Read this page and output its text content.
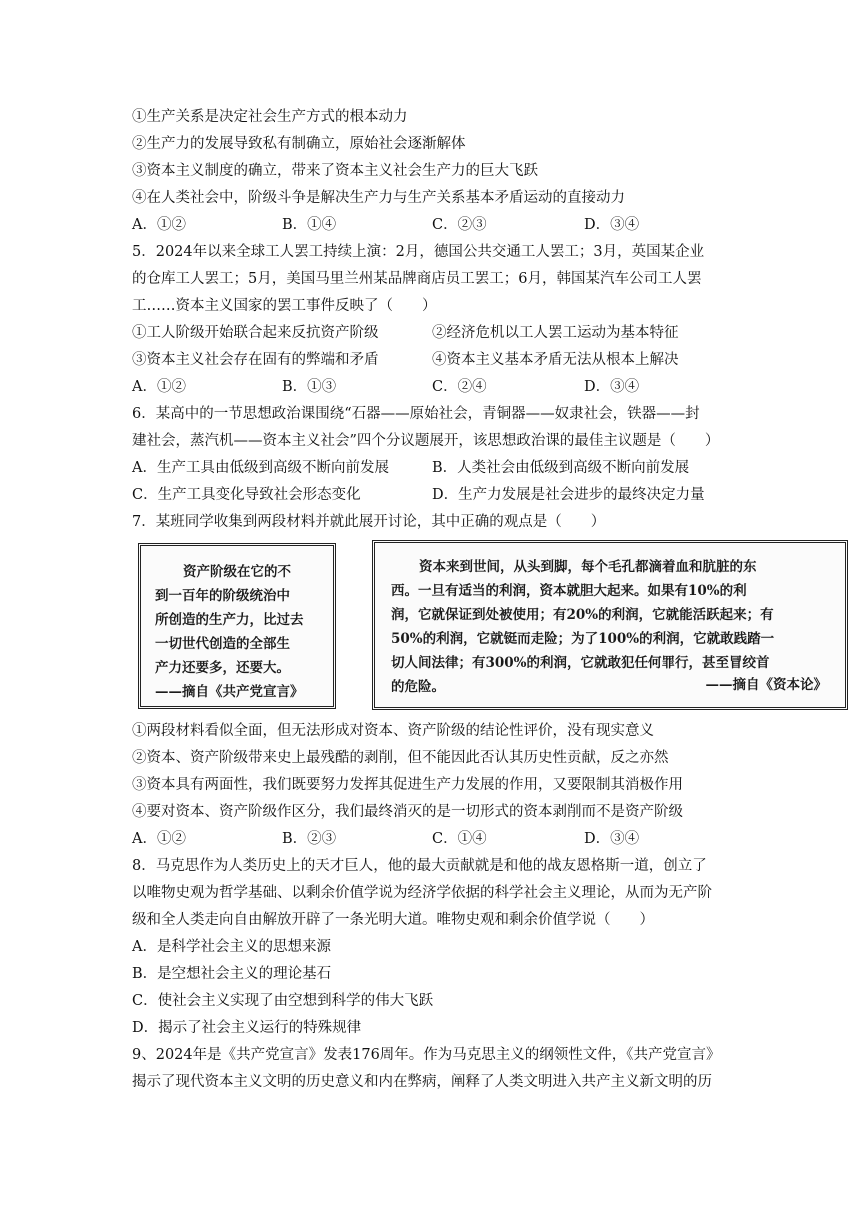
①生产关系是决定社会生产方式的根本动力
②生产力的发展导致私有制确立，原始社会逐渐解体
③资本主义制度的确立，带来了资本主义社会生产力的巨大飞跃
④在人类社会中，阶级斗争是解决生产力与生产关系基本矛盾运动的直接动力
A．①②	B．①④	C．②③	D．③④
5．2024年以来全球工人罢工持续上演：2月，德国公共交通工人罢工；3月，英国某企业
的仓库工人罢工；5月，美国马里兰州某品牌商店员工罢工；6月，韩国某汽车公司工人罢
工……资本主义国家的罢工事件反映了（　　）
①工人阶级开始联合起来反抗资产阶级	②经济危机以工人罢工运动为基本特征
③资本主义社会存在固有的弊端和矛盾	④资本主义基本矛盾无法从根本上解决
A．①②	B．①③	C．②④	D．③④
6．某高中的一节思想政治课围绕“石器——原始社会，青铜器——奴隶社会，铁器——封
建社会，蒸汽机——资本主义社会”四个分议题展开，该思想政治课的最佳主议题是（　　）
A．生产工具由低级到高级不断向前发展	B．人类社会由低级到高级不断向前发展
C．生产工具变化导致社会形态变化	D．生产力发展是社会进步的最终决定力量
7．某班同学收集到两段材料并就此展开讨论，其中正确的观点是（　　）
资产阶级在它的不
到一百年的阶级统治中
所创造的生产力，比过去
一切世代创造的全部生
产力还要多，还要大。
——摘自《共产党宣言》
资本来到世间，从头到脚，每个毛孔都滴着血和肮脏的东
西。一旦有适当的利润，资本就胆大起来。如果有10%的利
润，它就保证到处被使用；有20%的利润，它就能活跃起来；有
50%的利润，它就铤而走险；为了100%的利润，它就敢践踏一
切人间法律；有300%的利润，它就敢犯任何罪行，甚至冒绞首
的危险。	——摘自《资本论》
①两段材料看似全面，但无法形成对资本、资产阶级的结论性评价，没有现实意义
②资本、资产阶级带来史上最残酷的剥削，但不能因此否认其历史性贡献，反之亦然
③资本具有两面性，我们既要努力发挥其促进生产力发展的作用，又要限制其消极作用
④要对资本、资产阶级作区分，我们最终消灭的是一切形式的资本剥削而不是资产阶级
A．①②	B．②③	C．①④	D．③④
8．马克思作为人类历史上的天才巨人，他的最大贡献就是和他的战友恩格斯一道，创立了
以唯物史观为哲学基础、以剩余价值学说为经济学依据的科学社会主义理论，从而为无产阶
级和全人类走向自由解放开辟了一条光明大道。唯物史观和剩余价值学说（　　）
A．是科学社会主义的思想来源
B．是空想社会主义的理论基石
C．使社会主义实现了由空想到科学的伟大飞跃
D．揭示了社会主义运行的特殊规律
9、2024年是《共产党宣言》发表176周年。作为马克思主义的纲领性文件，《共产党宣言》
揭示了现代资本主义文明的历史意义和内在弊病，阐释了人类文明进入共产主义新文明的历
